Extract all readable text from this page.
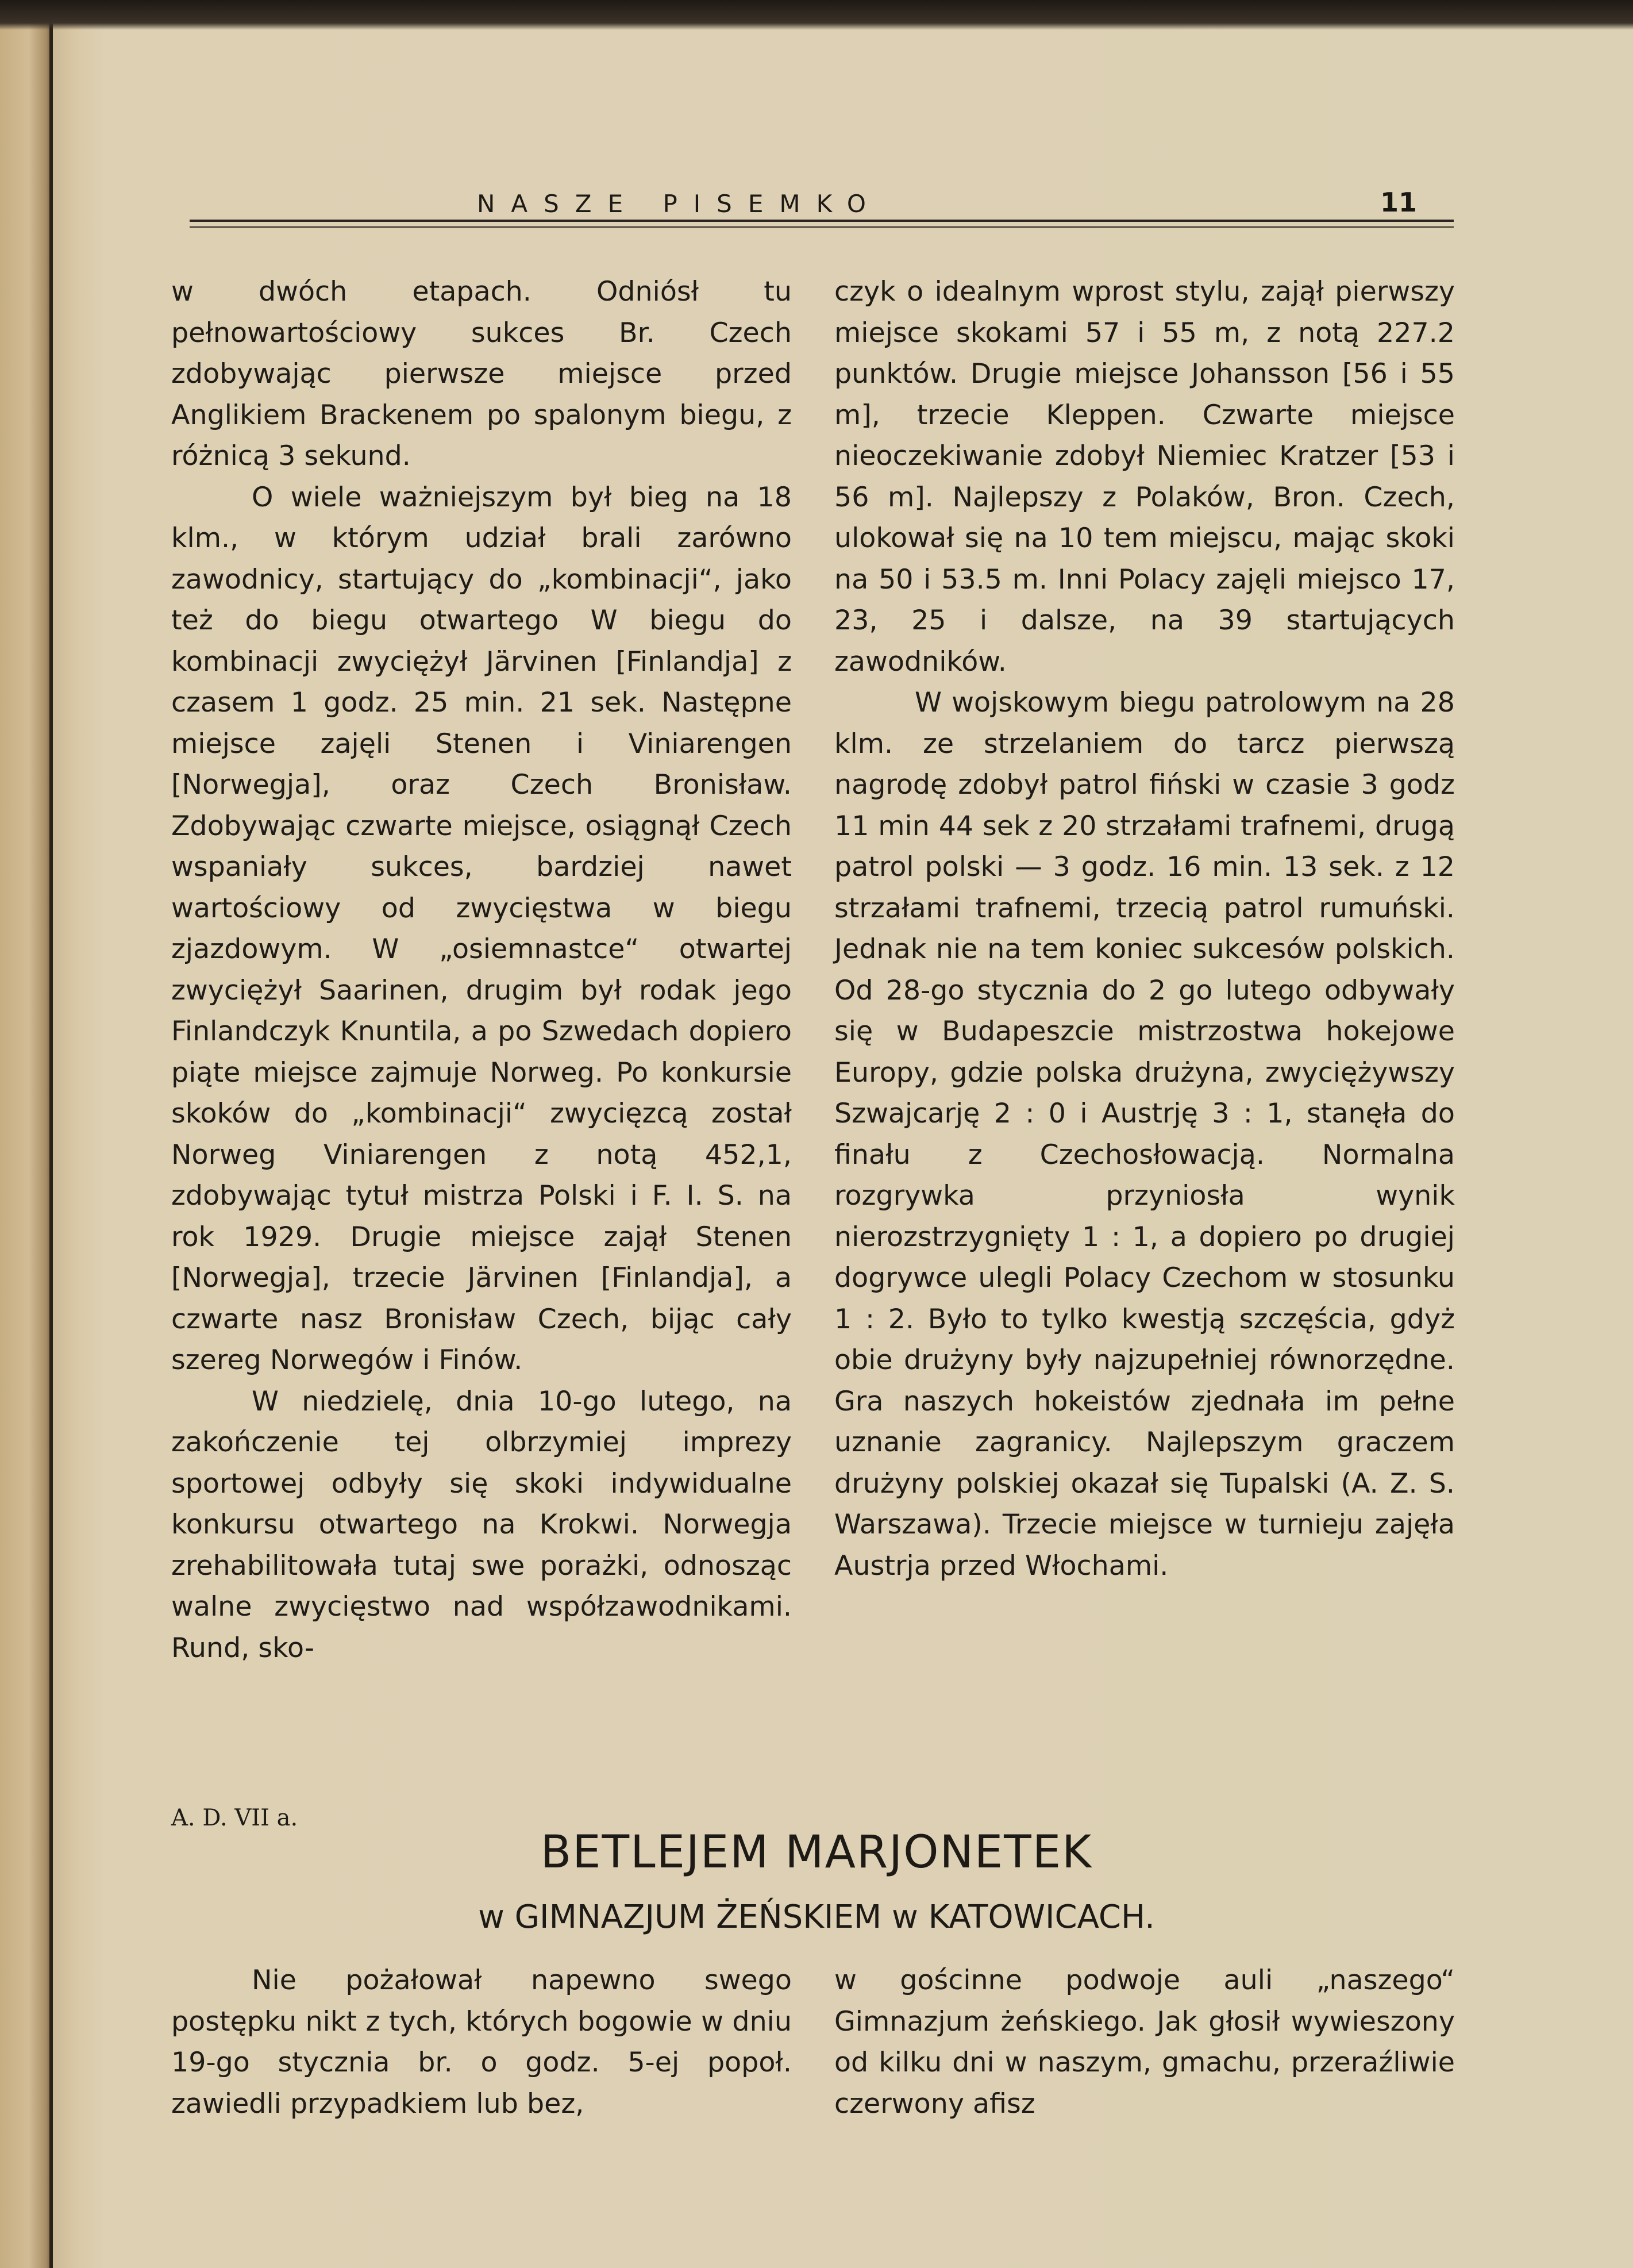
NASZE PISEMKO	11

w dwóch etapach. Odniósł tu pełnowartościowy sukces Br. Czech zdobywając pierwsze miejsce przed Anglikiem Brackenem po spalonym biegu, z różnicą 3 sekund.

O wiele ważniejszym był bieg na 18 klm., w którym udział brali zarówno zawodnicy, startujący do „kombinacji“, jako też do biegu otwartego W biegu do kombinacji zwyciężył Järvinen [Finlandja] z czasem 1 godz. 25 min. 21 sek. Następne miejsce zajęli Stenen i Viniarengen [Norwegja], oraz Czech Bronisław. Zdobywając czwarte miejsce, osiągnął Czech wspaniały sukces, bardziej nawet wartościowy od zwycięstwa w biegu zjazdowym. W „osiemnastce“ otwartej zwyciężył Saarinen, drugim był rodak jego Finlandczyk Knuntila, a po Szwedach dopiero piąte miejsce zajmuje Norweg. Po konkursie skoków do „kombinacji“ zwycięzcą został Norweg Viniarengen z notą 452,1, zdobywając tytuł mistrza Polski i F. I. S. na rok 1929. Drugie miejsce zajął Stenen [Norwegja], trzecie Järvinen [Finlandja], a czwarte nasz Bronisław Czech, bijąc cały szereg Norwegów i Finów.

W niedzielę, dnia 10-go lutego, na zakończenie tej olbrzymiej imprezy sportowej odbyły się skoki indywidualne konkursu otwartego na Krokwi. Norwegja zrehabilitowała tutaj swe porażki, odnosząc walne zwycięstwo nad współzawodnikami. Rund, sko-

czyk o idealnym wprost stylu, zajął pierwszy miejsce skokami 57 i 55 m, z notą 227.2 punktów. Drugie miejsce Johansson [56 i 55 m], trzecie Kleppen. Czwarte miejsce nieoczekiwanie zdobył Niemiec Kratzer [53 i 56 m]. Najlepszy z Polaków, Bron. Czech, ulokował się na 10 tem miejscu, mając skoki na 50 i 53.5 m. Inni Polacy zajęli miejsco 17, 23, 25 i dalsze, na 39 startujących zawodników.

W wojskowym biegu patrolowym na 28 klm. ze strzelaniem do tarcz pierwszą nagrodę zdobył patrol fiński w czasie 3 godz 11 min 44 sek z 20 strzałami trafnemi, drugą patrol polski — 3 godz. 16 min. 13 sek. z 12 strzałami trafnemi, trzecią patrol rumuński. Jednak nie na tem koniec sukcesów polskich. Od 28-go stycznia do 2 go lutego odbywały się w Budapeszcie mistrzostwa hokejowe Europy, gdzie polska drużyna, zwyciężywszy Szwajcarję 2 : 0 i Austrję 3 : 1, stanęła do finału z Czechosłowacją. Normalna rozgrywka przyniosła wynik nierozstrzygnięty 1 : 1, a dopiero po drugiej dogrywce ulegli Polacy Czechom w stosunku 1 : 2. Było to tylko kwestją szczęścia, gdyż obie drużyny były najzupełniej równorzędne. Gra naszych hokeistów zjednała im pełne uznanie zagranicy. Najlepszym graczem drużyny polskiej okazał się Tupalski (A. Z. S. Warszawa). Trzecie miejsce w turnieju zajęła Austrja przed Włochami.

A. D. VII a.
BETLEJEM MARJONETEK
w GIMNAZJUM ŻEŃSKIEM w KATOWICACH.

Nie pożałował napewno swego postępku nikt z tych, których bogowie w dniu 19-go stycznia br. o godz. 5-ej popoł. zawiedli przypadkiem lub bez,

w gościnne podwoje auli „naszego“ Gimnazjum żeńskiego. Jak głosił wywieszony od kilku dni w naszym, gmachu, przeraźliwie czerwony afisz
